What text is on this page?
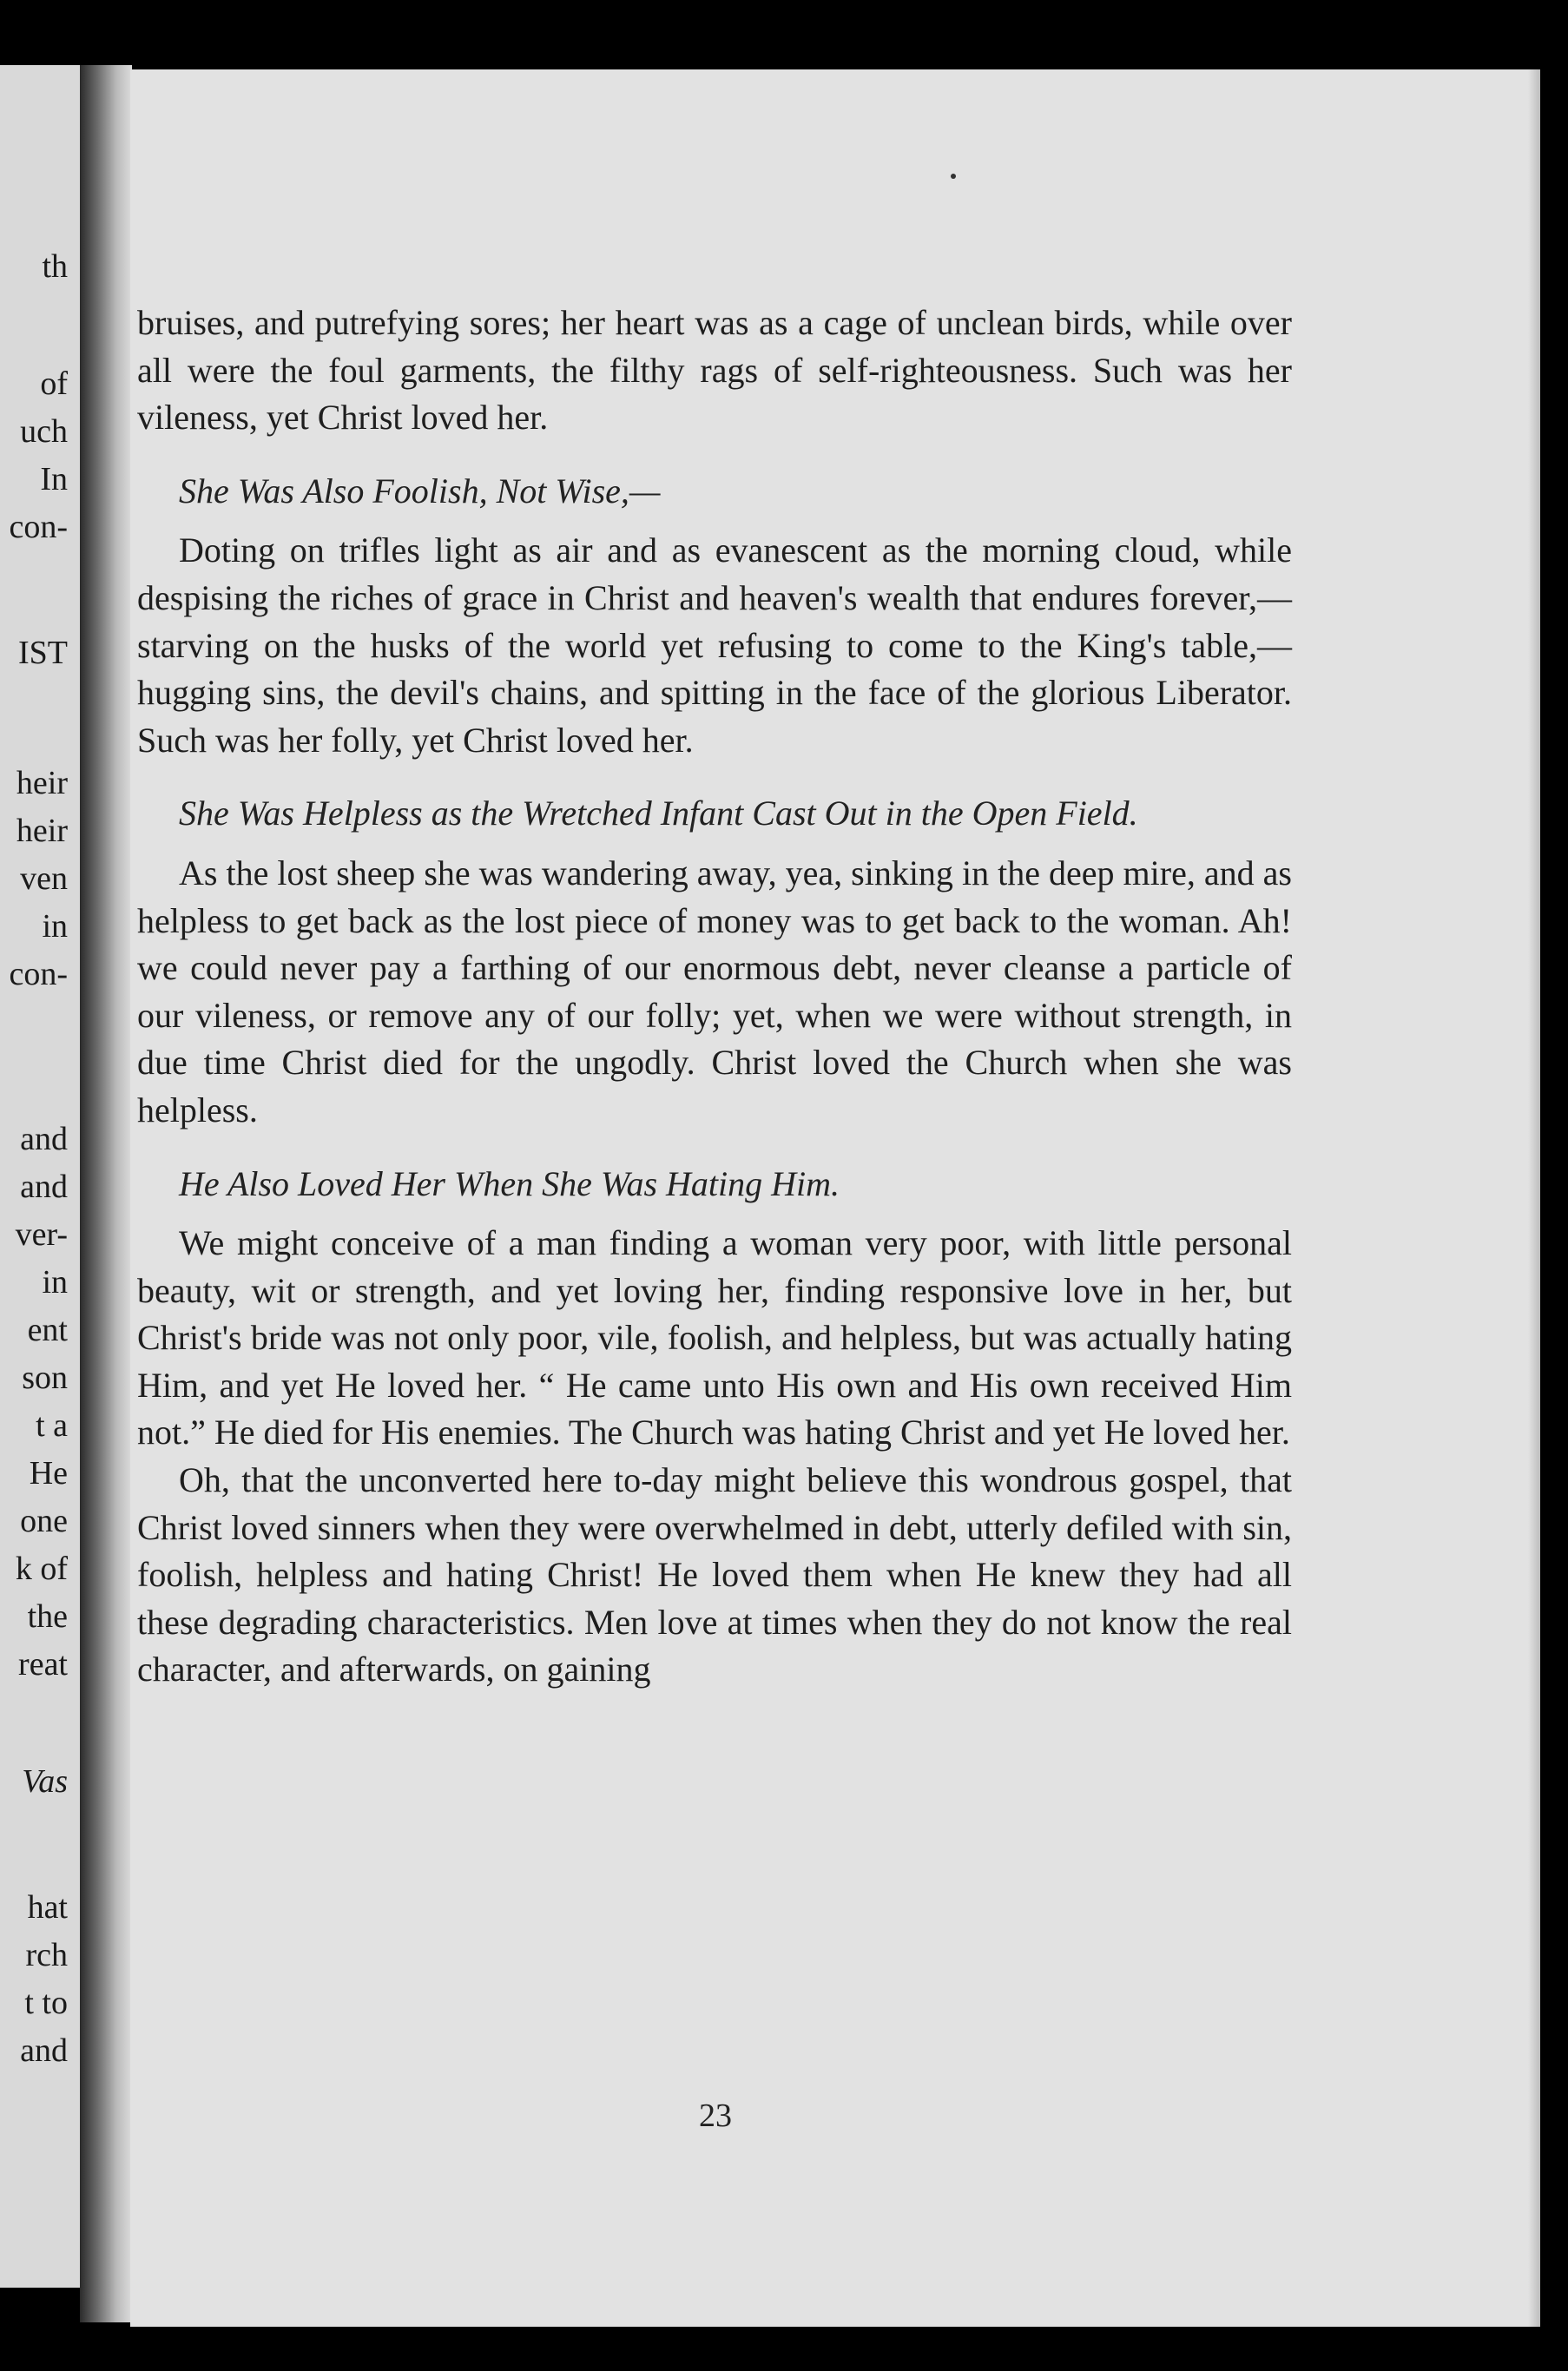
th
of
uch
In
con-
IST
heir
heir
ven
in
con-
and
and
ver-
in
ent
son
t a
He
one
k of
the
reat
Vas
hat
rch
t to
and

bruises, and putrefying sores; her heart was as a cage of unclean birds, while over all were the foul garments, the filthy rags of self-righteousness. Such was her vileness, yet Christ loved her.

She Was Also Foolish, Not Wise,—

Doting on trifles light as air and as evanescent as the morning cloud, while despising the riches of grace in Christ and heaven's wealth that endures forever,—starving on the husks of the world yet refusing to come to the King's table,—hugging sins, the devil's chains, and spitting in the face of the glorious Liberator. Such was her folly, yet Christ loved her.

She Was Helpless as the Wretched Infant Cast Out in the Open Field.

As the lost sheep she was wandering away, yea, sinking in the deep mire, and as helpless to get back as the lost piece of money was to get back to the woman. Ah! we could never pay a farthing of our enormous debt, never cleanse a particle of our vileness, or remove any of our folly; yet, when we were without strength, in due time Christ died for the ungodly. Christ loved the Church when she was helpless.

He Also Loved Her When She Was Hating Him.

We might conceive of a man finding a woman very poor, with little personal beauty, wit or strength, and yet loving her, finding responsive love in her, but Christ's bride was not only poor, vile, foolish, and helpless, but was actually hating Him, and yet He loved her. “ He came unto His own and His own received Him not.” He died for His enemies. The Church was hating Christ and yet He loved her.

Oh, that the unconverted here to-day might believe this wondrous gospel, that Christ loved sinners when they were overwhelmed in debt, utterly defiled with sin, foolish, helpless and hating Christ! He loved them when He knew they had all these degrading characteristics. Men love at times when they do not know the real character, and afterwards, on gaining

23
